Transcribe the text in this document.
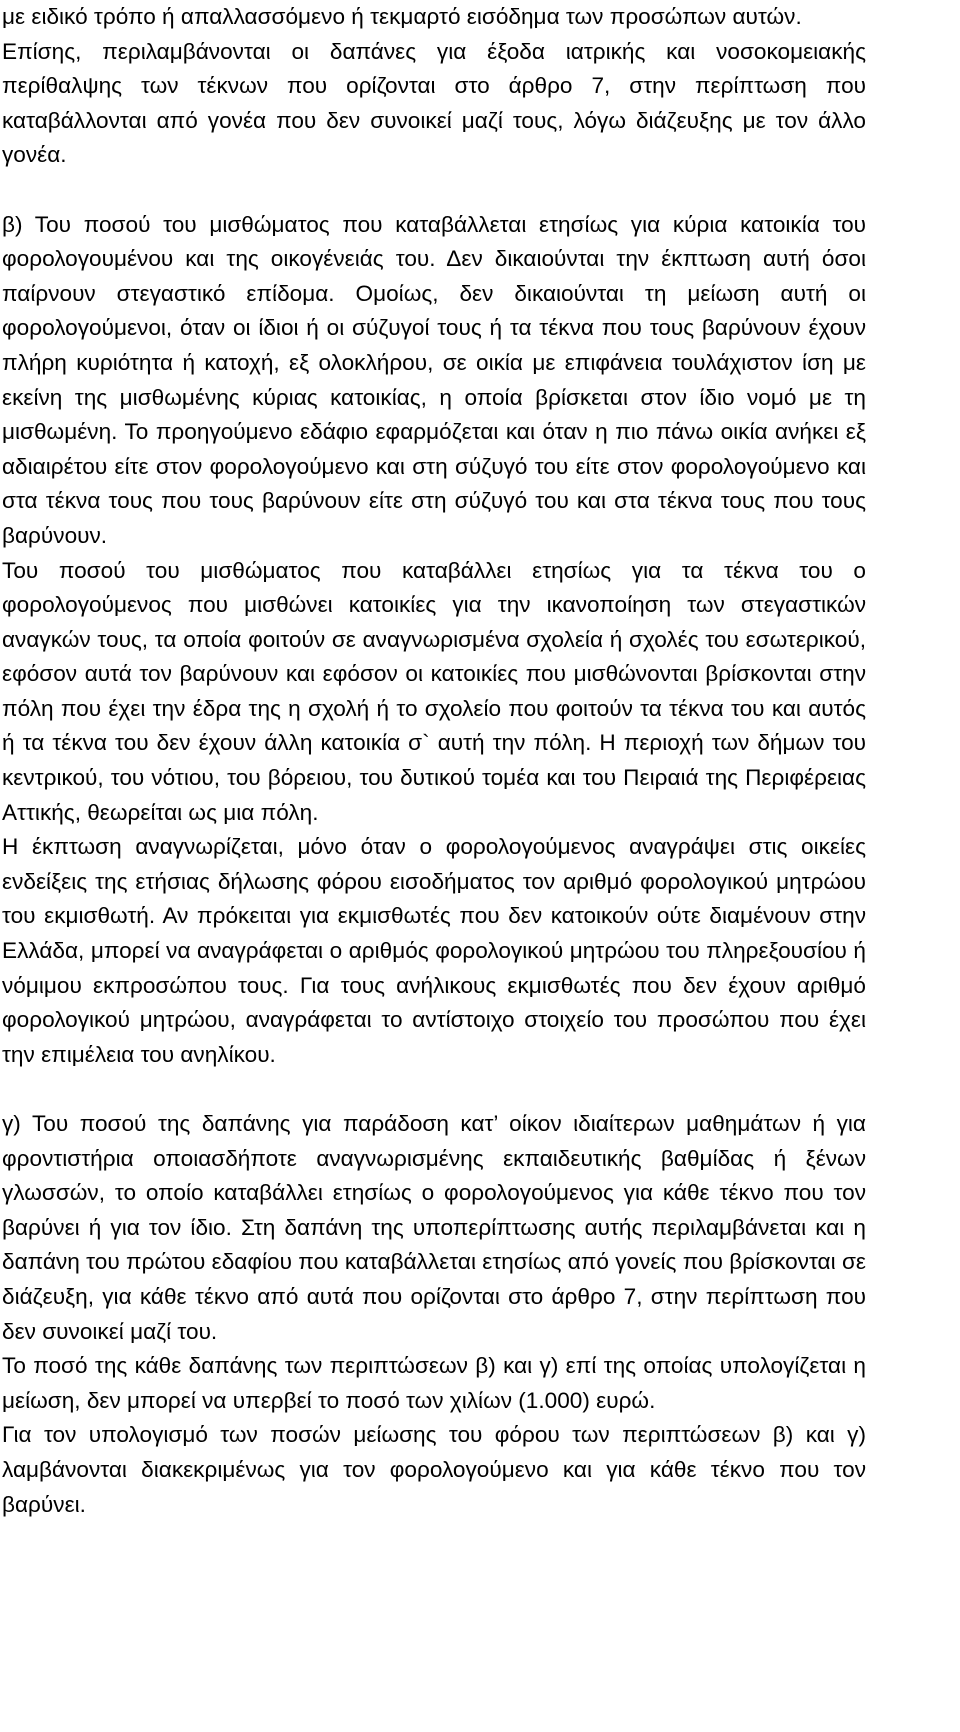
με ειδικό τρόπο ή απαλλασσόμενο ή τεκμαρτό εισόδημα των προσώπων αυτών.

Επίσης, περιλαμβάνονται οι δαπάνες για έξοδα ιατρικής και νοσοκομειακής περίθαλψης των τέκνων που ορίζονται στο άρθρο 7, στην περίπτωση που καταβάλλονται από γονέα που δεν συνοικεί μαζί τους, λόγω διάζευξης με τον άλλο γονέα.

β) Του ποσού του μισθώματος που καταβάλλεται ετησίως για κύρια κατοικία του φορολογουμένου και της οικογένειάς του. Δεν δικαιούνται την έκπτωση αυτή όσοι παίρνουν στεγαστικό επίδομα. Ομοίως, δεν δικαιούνται τη μείωση αυτή οι φορολογούμενοι, όταν οι ίδιοι ή οι σύζυγοί τους ή τα τέκνα που τους βαρύνουν έχουν πλήρη κυριότητα ή κατοχή, εξ ολοκλήρου, σε οικία με επιφάνεια τουλάχιστον ίση με εκείνη της μισθωμένης κύριας κατοικίας, η οποία βρίσκεται στον ίδιο νομό με τη μισθωμένη. Το προηγούμενο εδάφιο εφαρμόζεται και όταν η πιο πάνω οικία ανήκει εξ αδιαιρέτου είτε στον φορολογούμενο και στη σύζυγό του είτε στον φορολογούμενο και στα τέκνα τους που τους βαρύνουν είτε στη σύζυγό του και στα τέκνα τους που τους βαρύνουν.

Του ποσού του μισθώματος που καταβάλλει ετησίως για τα τέκνα του ο φορολογούμενος που μισθώνει κατοικίες για την ικανοποίηση των στεγαστικών αναγκών τους, τα οποία φοιτούν σε αναγνωρισμένα σχολεία ή σχολές του εσωτερικού, εφόσον αυτά τον βαρύνουν και εφόσον οι κατοικίες που μισθώνονται βρίσκονται στην πόλη που έχει την έδρα της η σχολή ή το σχολείο που φοιτούν τα τέκνα του και αυτός ή τα τέκνα του δεν έχουν άλλη κατοικία σ` αυτή την πόλη. Η περιοχή των δήμων του κεντρικού, του νότιου, του βόρειου, του δυτικού τομέα και του Πειραιά της Περιφέρειας Αττικής, θεωρείται ως μια πόλη.

Η έκπτωση αναγνωρίζεται, μόνο όταν ο φορολογούμενος αναγράψει στις οικείες ενδείξεις της ετήσιας δήλωσης φόρου εισοδήματος τον αριθμό φορολογικού μητρώου του εκμισθωτή. Αν πρόκειται για εκμισθωτές που δεν κατοικούν ούτε διαμένουν στην Ελλάδα, μπορεί να αναγράφεται ο αριθμός φορολογικού μητρώου του πληρεξουσίου ή νόμιμου εκπροσώπου τους. Για τους ανήλικους εκμισθωτές που δεν έχουν αριθμό φορολογικού μητρώου, αναγράφεται το αντίστοιχο στοιχείο του προσώπου που έχει την επιμέλεια του ανηλίκου.

γ) Του ποσού της δαπάνης για παράδοση κατ’ οίκον ιδιαίτερων μαθημάτων ή για φροντιστήρια οποιασδήποτε αναγνωρισμένης εκπαιδευτικής βαθμίδας ή ξένων γλωσσών, το οποίο καταβάλλει ετησίως ο φορολογούμενος για κάθε τέκνο που τον βαρύνει ή για τον ίδιο. Στη δαπάνη της υποπερίπτωσης αυτής περιλαμβάνεται και η δαπάνη του πρώτου εδαφίου που καταβάλλεται ετησίως από γονείς που βρίσκονται σε διάζευξη, για κάθε τέκνο από αυτά που ορίζονται στο άρθρο 7, στην περίπτωση που δεν συνοικεί μαζί του.

Το ποσό της κάθε δαπάνης των περιπτώσεων β) και γ) επί της οποίας υπολογίζεται η μείωση, δεν μπορεί να υπερβεί το ποσό των χιλίων (1.000) ευρώ.

Για τον υπολογισμό των ποσών μείωσης του φόρου των περιπτώσεων β) και γ) λαμβάνονται διακεκριμένως για τον φορολογούμενο και για κάθε τέκνο που τον βαρύνει.
